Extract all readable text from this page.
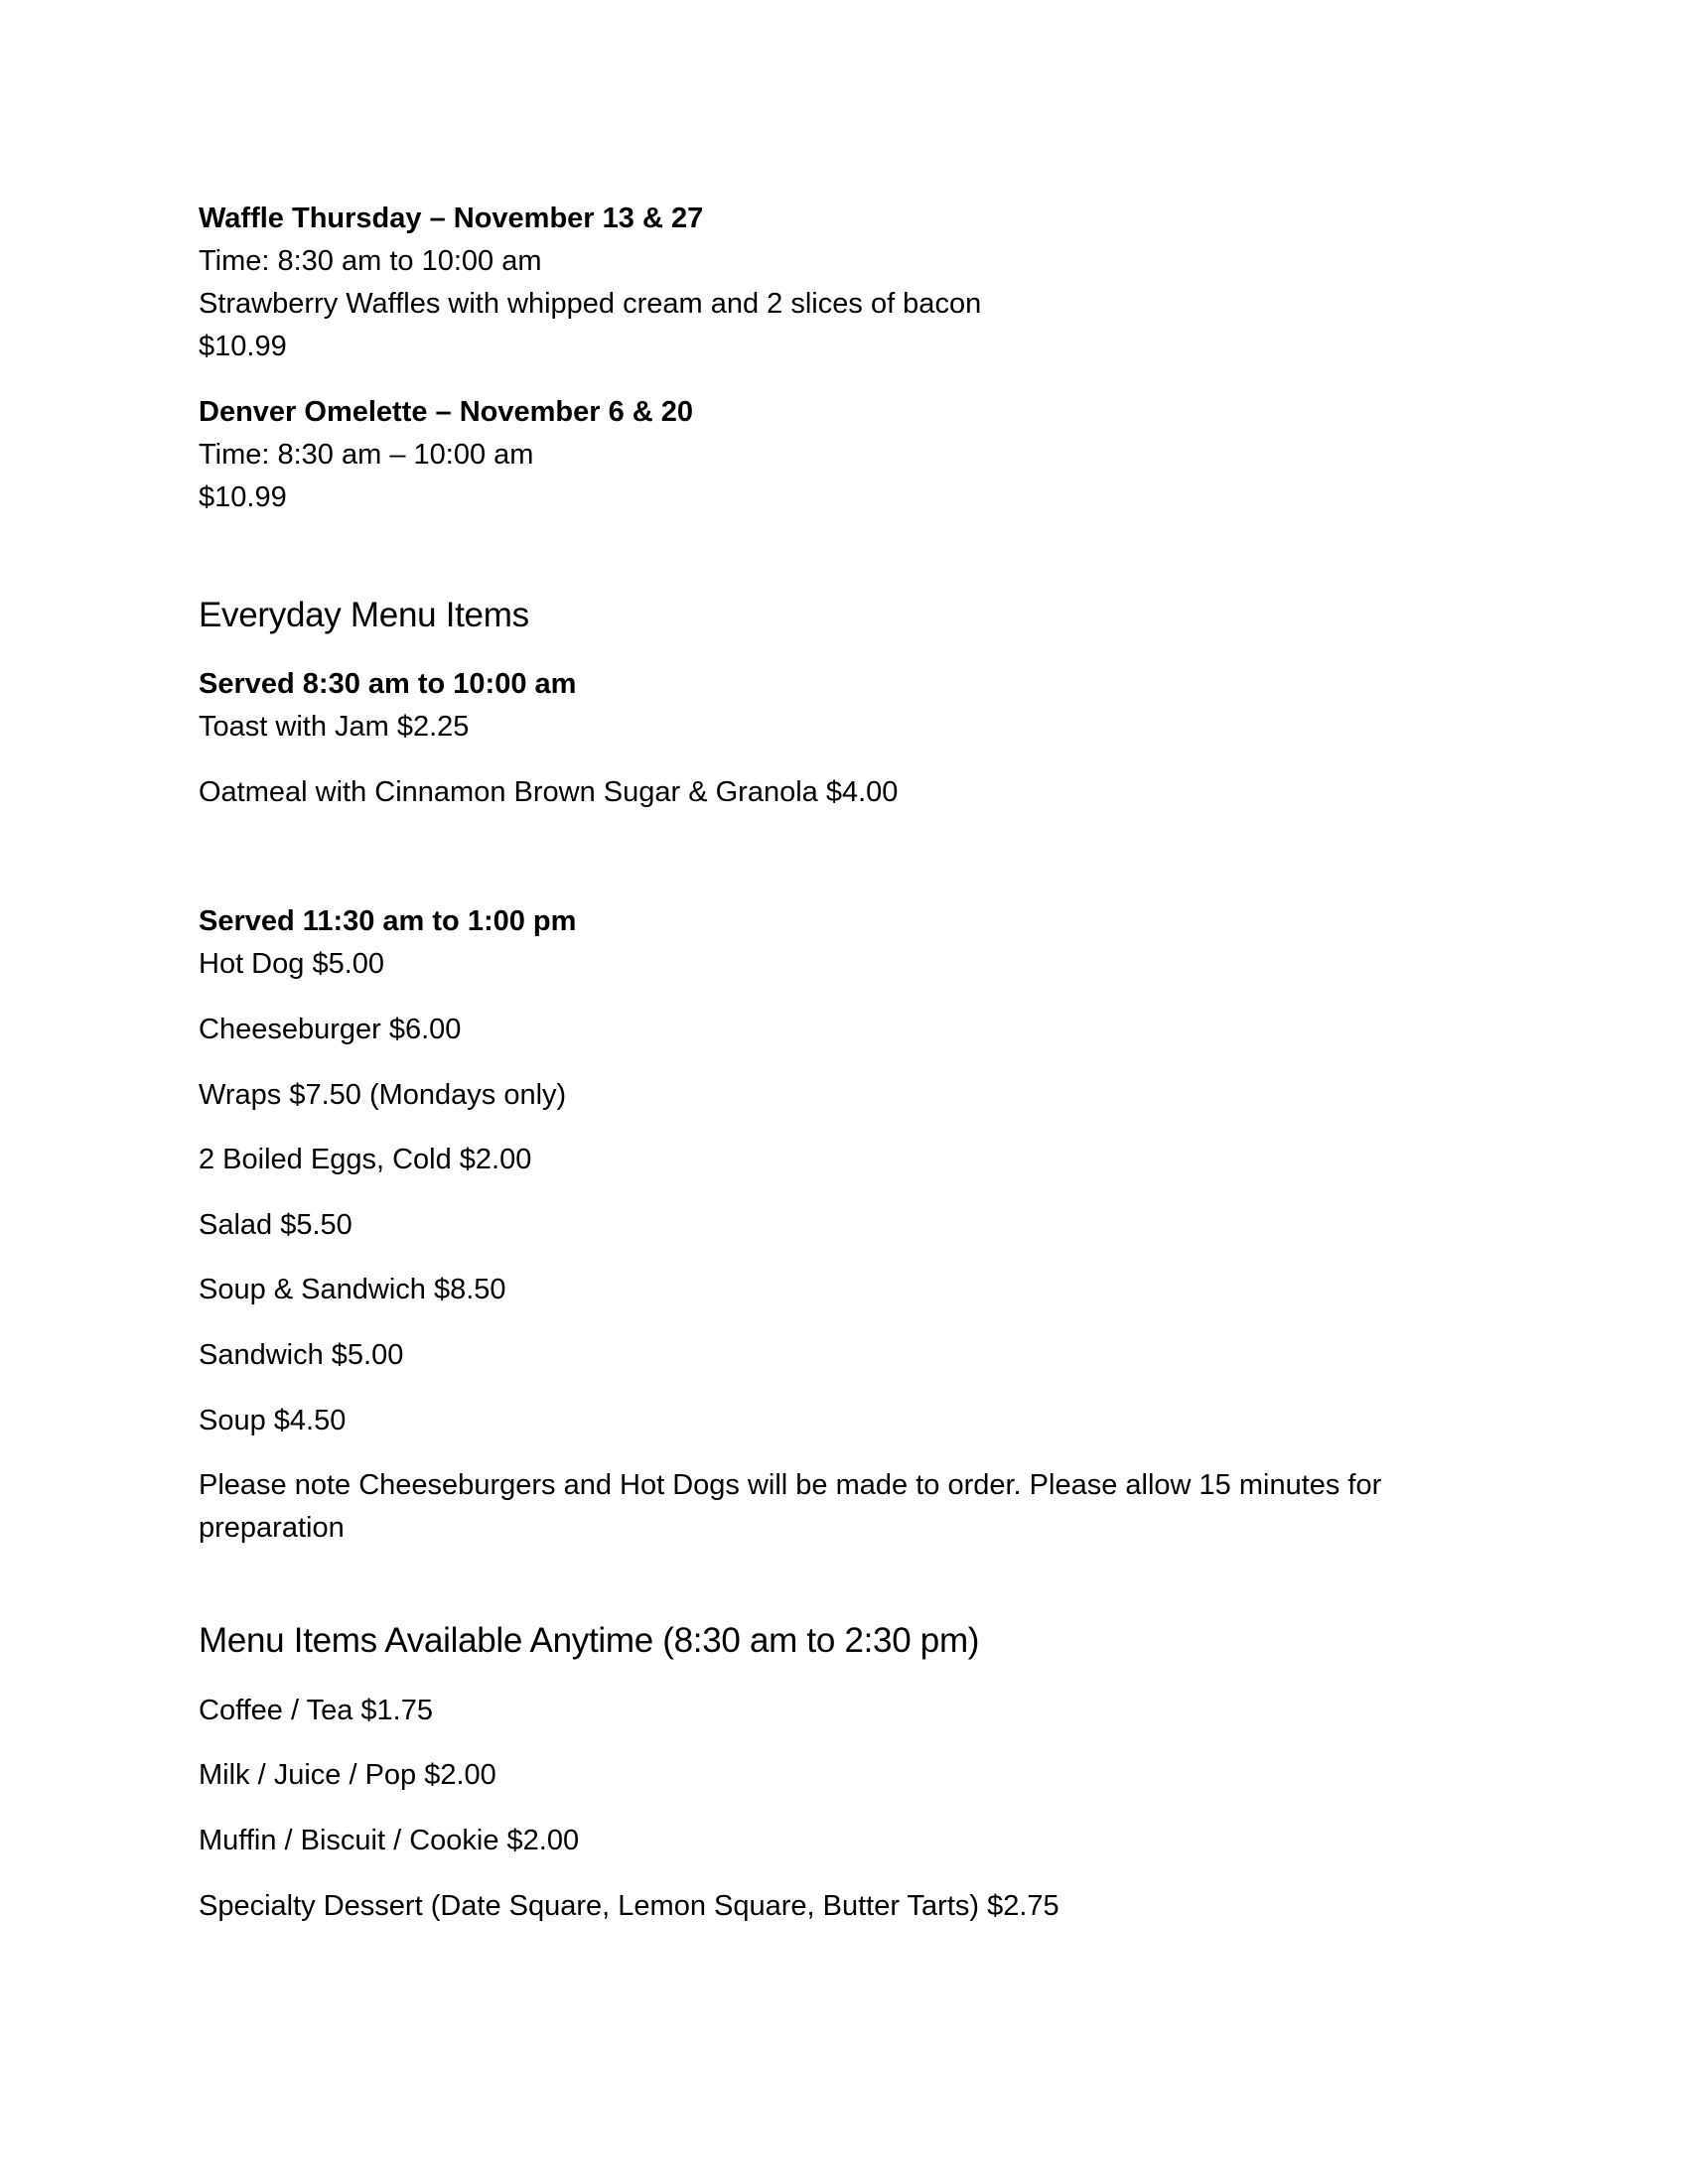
Waffle Thursday – November 13 & 27
Time: 8:30 am to 10:00 am
Strawberry Waffles with whipped cream and 2 slices of bacon
$10.99
Denver Omelette – November 6 & 20
Time: 8:30 am – 10:00 am
$10.99
Everyday Menu Items
Served 8:30 am to 10:00 am
Toast with Jam $2.25
Oatmeal with Cinnamon Brown Sugar & Granola $4.00
Served 11:30 am to 1:00 pm
Hot Dog $5.00
Cheeseburger $6.00
Wraps $7.50 (Mondays only)
2 Boiled Eggs, Cold $2.00
Salad $5.50
Soup & Sandwich $8.50
Sandwich $5.00
Soup $4.50
Please note Cheeseburgers and Hot Dogs will be made to order. Please allow 15 minutes for
preparation
Menu Items Available Anytime (8:30 am to 2:30 pm)
Coffee / Tea $1.75
Milk / Juice / Pop $2.00
Muffin / Biscuit / Cookie $2.00
Specialty Dessert (Date Square, Lemon Square, Butter Tarts) $2.75
